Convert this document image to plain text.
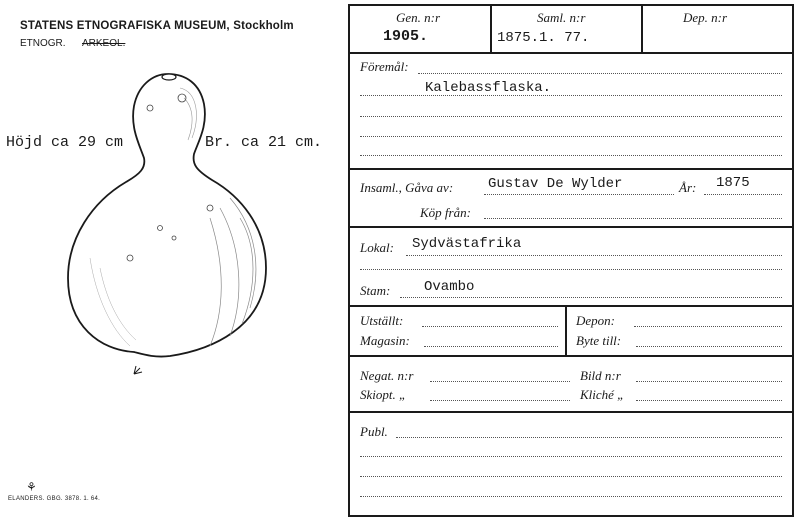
STATENS ETNOGRAFISKA MUSEUM, Stockholm
ETNOGR. ARKEOL.
Höjd ca 29 cm	Br. ca 21 cm.
⚘
ELANDERS. GBG. 3878. 1. 64.
Gen. n:r
1905.
Saml. n:r
1875.1. 77.
Dep. n:r
Föremål:
Kalebassflaska.
Insaml., Gåva av: Gustav De Wylder	År: 1875
Köp från:
Lokal: Sydvästafrika
Stam: Ovambo
Utställt:	Depon:
Magasin:	Byte till:
Negat. n:r	Bild n:r
Skiopt. „	Kliché „
Publ.
